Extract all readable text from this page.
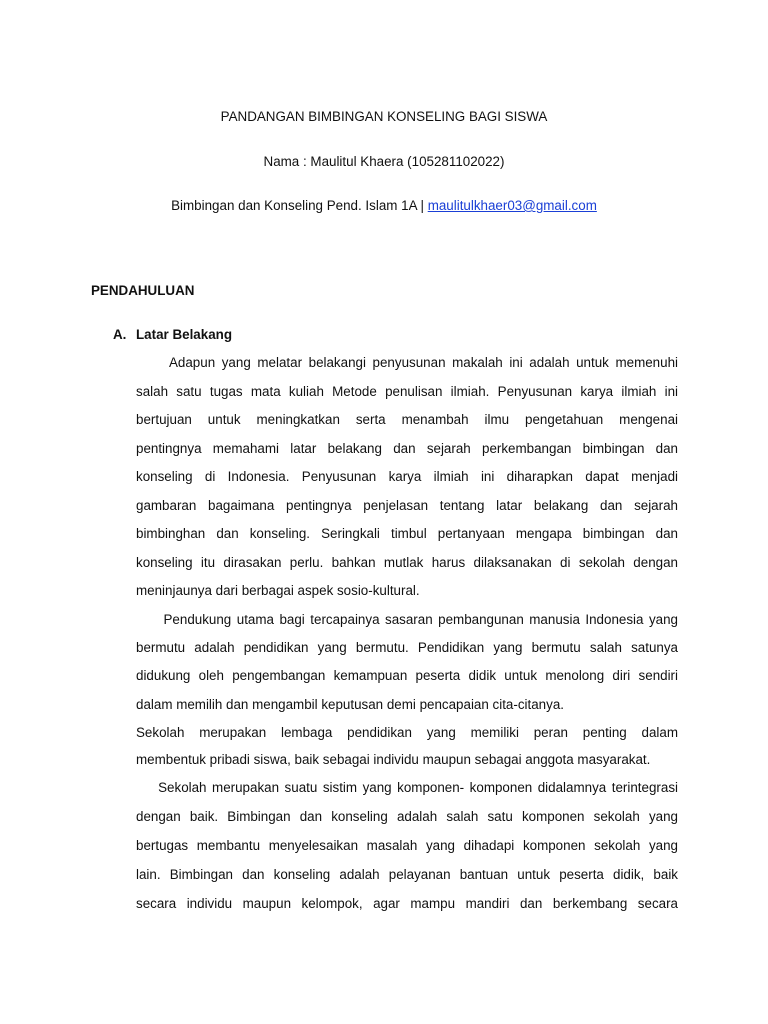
PANDANGAN BIMBINGAN KONSELING BAGI SISWA
Nama : Maulitul Khaera (105281102022)
Bimbingan dan Konseling Pend. Islam 1A | maulitulkhaer03@gmail.com
PENDAHULUAN
A. Latar Belakang
Adapun yang melatar belakangi penyusunan makalah ini adalah untuk memenuhi
salah satu tugas mata kuliah Metode penulisan ilmiah. Penyusunan karya ilmiah ini
bertujuan untuk meningkatkan serta menambah ilmu pengetahuan mengenai
pentingnya memahami latar belakang dan sejarah perkembangan bimbingan dan
konseling di Indonesia. Penyusunan karya ilmiah ini diharapkan dapat menjadi
gambaran bagaimana pentingnya penjelasan tentang latar belakang dan sejarah
bimbinghan dan konseling. Seringkali timbul pertanyaan mengapa bimbingan dan
konseling itu dirasakan perlu. bahkan mutlak harus dilaksanakan di sekolah dengan
meninjaunya dari berbagai aspek sosio-kultural.
Pendukung utama bagi tercapainya sasaran pembangunan manusia Indonesia yang
bermutu adalah pendidikan yang bermutu. Pendidikan yang bermutu salah satunya
didukung oleh pengembangan kemampuan peserta didik untuk menolong diri sendiri
dalam memilih dan mengambil keputusan demi pencapaian cita-citanya.
Sekolah merupakan lembaga pendidikan yang memiliki peran penting dalam
membentuk pribadi siswa, baik sebagai individu maupun sebagai anggota masyarakat.
Sekolah merupakan suatu sistim yang komponen- komponen didalamnya terintegrasi
dengan baik. Bimbingan dan konseling adalah salah satu komponen sekolah yang
bertugas membantu menyelesaikan masalah yang dihadapi komponen sekolah yang
lain. Bimbingan dan konseling adalah pelayanan bantuan untuk peserta didik, baik
secara individu maupun kelompok, agar mampu mandiri dan berkembang secara
